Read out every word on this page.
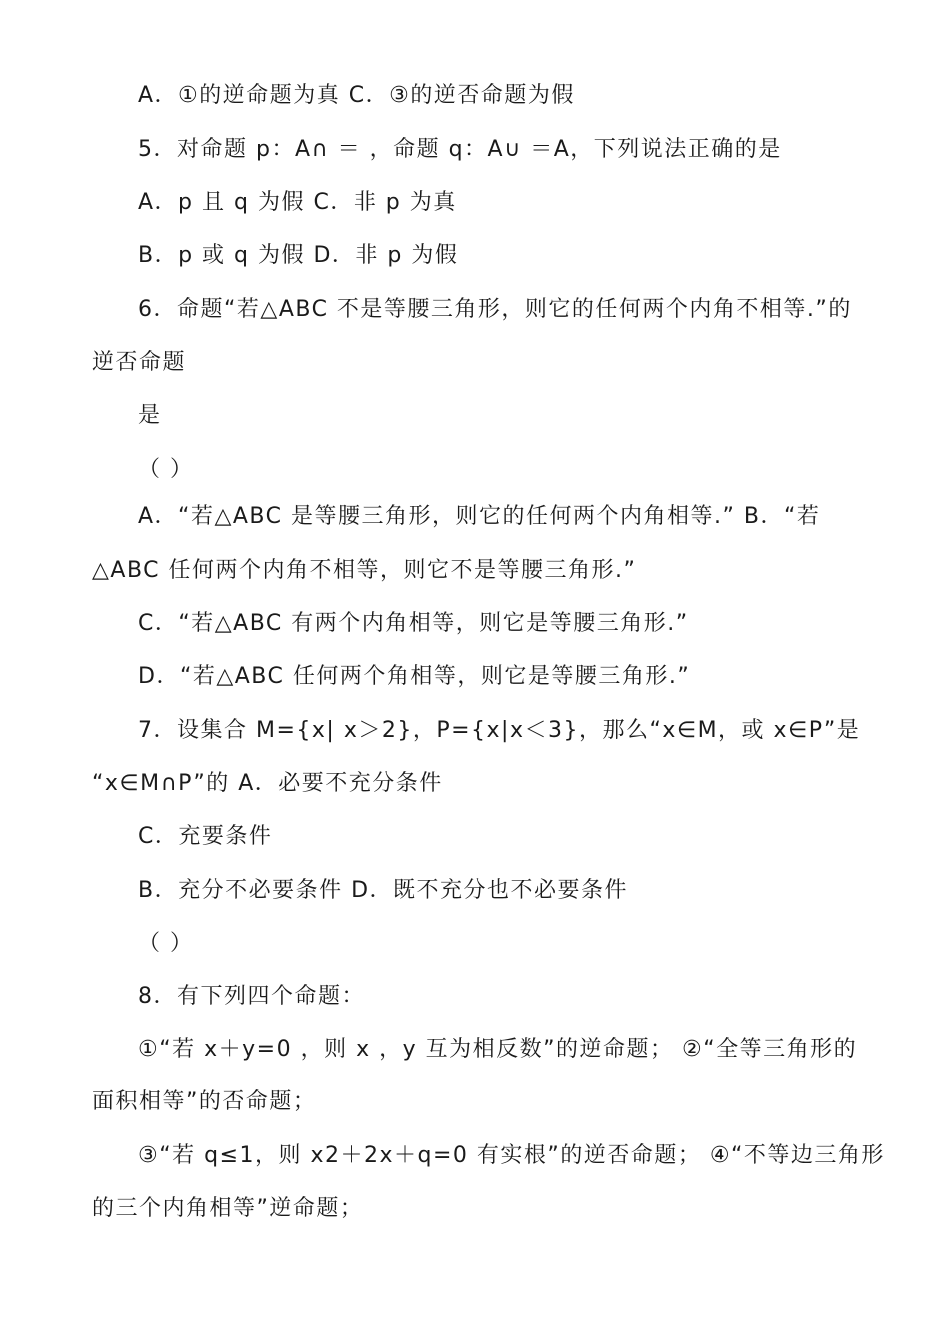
A．①的逆命题为真 C．③的逆否命题为假
5．对命题 p：A∩ ＝ ，命题 q：A∪ ＝A，下列说法正确的是
A．p 且 q 为假 C．非 p 为真
B．p 或 q 为假 D．非 p 为假
6．命题“若△ABC 不是等腰三角形，则它的任何两个内角不相等.”的
逆否命题
是
（ ）
A．“若△ABC 是等腰三角形，则它的任何两个内角相等.” B．“若
△ABC 任何两个内角不相等，则它不是等腰三角形.”
C．“若△ABC 有两个内角相等，则它是等腰三角形.”
D．“若△ABC 任何两个角相等，则它是等腰三角形.”
7．设集合 M={x| x＞2}，P={x|x＜3}，那么“x∈M，或 x∈P”是
“x∈M∩P”的 A．必要不充分条件
C．充要条件
B．充分不必要条件 D．既不充分也不必要条件
（ ）
8．有下列四个命题：
①“若 x＋y=0 ，则 x ，y 互为相反数”的逆命题； ②“全等三角形的
面积相等”的否命题；
③“若 q≤1，则 x2＋2x＋q=0 有实根”的逆否命题； ④“不等边三角形
的三个内角相等”逆命题；
